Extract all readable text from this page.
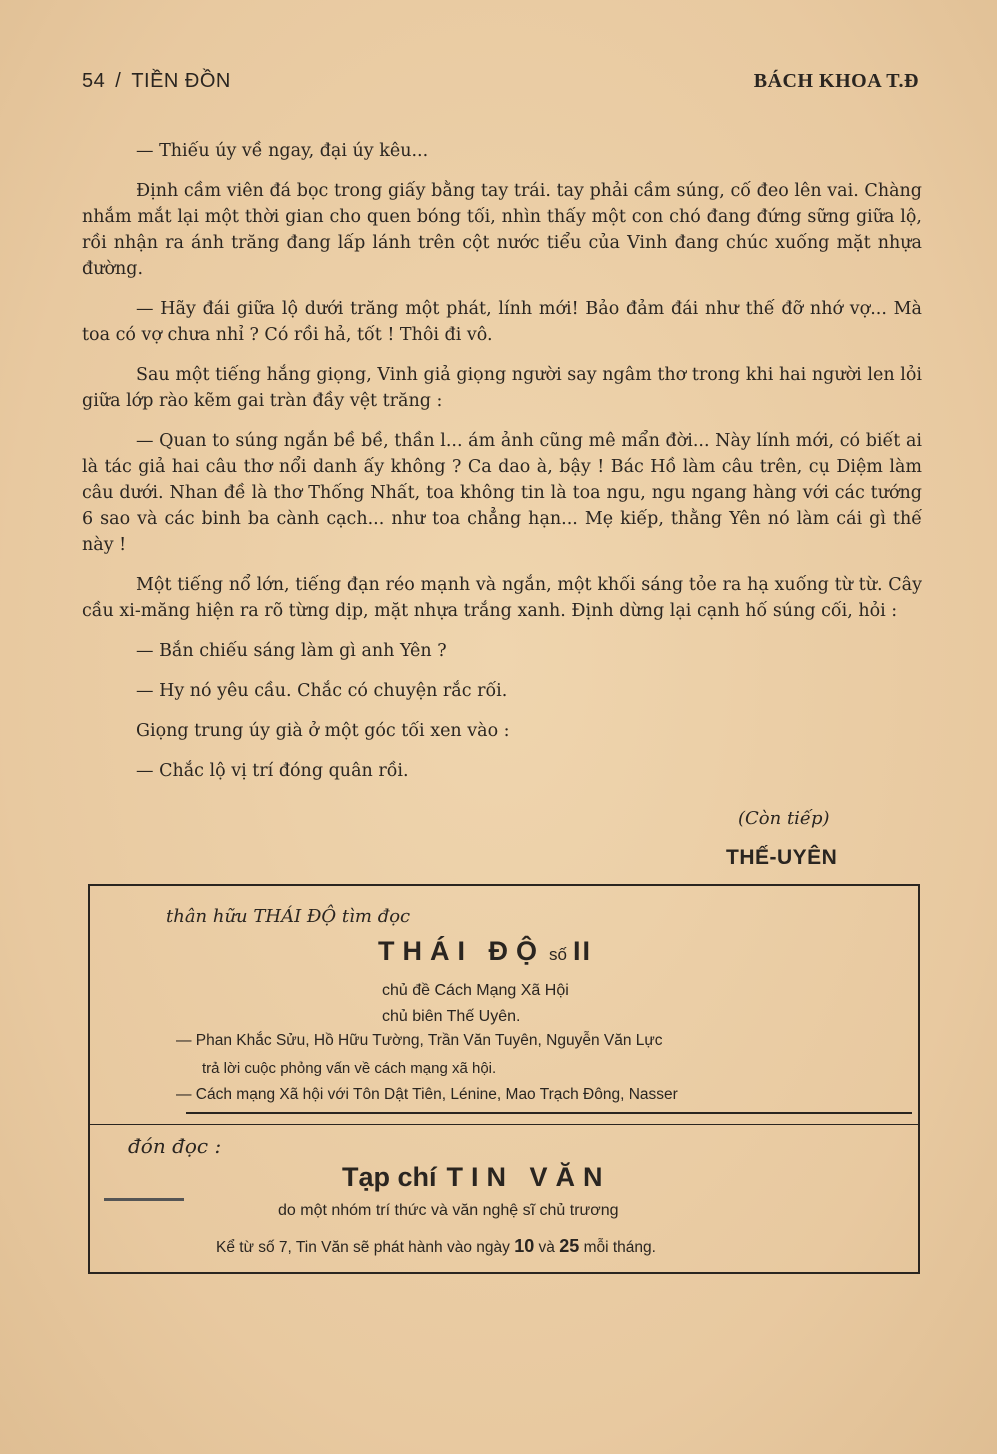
54 / TIỀN ĐỒN	BÁCH KHOA T.Đ
— Thiếu úy về ngay, đại úy kêu...

Định cầm viên đá bọc trong giấy bằng tay trái. tay phải cầm súng, cố đeo lên vai. Chàng nhắm mắt lại một thời gian cho quen bóng tối, nhìn thấy một con chó đang đứng sững giữa lộ, rồi nhận ra ánh trăng đang lấp lánh trên cột nước tiểu của Vinh đang chúc xuống mặt nhựa đường.

— Hãy đái giữa lộ dưới trăng một phát, lính mới! Bảo đảm đái như thế đỡ nhớ vợ... Mà toa có vợ chưa nhỉ ? Có rồi hả, tốt ! Thôi đi vô.

Sau một tiếng hắng giọng, Vinh giả giọng người say ngâm thơ trong khi hai người len lỏi giữa lớp rào kẽm gai tràn đầy vệt trăng :

— Quan to súng ngắn bề bề, thần l... ám ảnh cũng mê mẩn đời... Này lính mới, có biết ai là tác giả hai câu thơ nổi danh ấy không ? Ca dao à, bậy ! Bác Hồ làm câu trên, cụ Diệm làm câu dưới. Nhan đề là thơ Thống Nhất, toa không tin là toa ngu, ngu ngang hàng với các tướng 6 sao và các binh ba cành cạch... như toa chẳng hạn... Mẹ kiếp, thằng Yên nó làm cái gì thế này !

Một tiếng nổ lớn, tiếng đạn réo mạnh và ngắn, một khối sáng tỏe ra hạ xuống từ từ. Cây cầu xi-măng hiện ra rõ từng dịp, mặt nhựa trắng xanh. Định dừng lại cạnh hố súng cối, hỏi :

— Bắn chiếu sáng làm gì anh Yên ?
— Hy nó yêu cầu. Chắc có chuyện rắc rối.
Giọng trung úy già ở một góc tối xen vào :
— Chắc lộ vị trí đóng quân rồi.
(Còn tiếp)
THẾ-UYÊN
thân hữu THÁI ĐỘ tìm đọc
THÁI ĐỘ số II
chủ đề Cách Mạng Xã Hội
chủ biên Thế Uyên.
— Phan Khắc Sửu, Hồ Hữu Tường, Trần Văn Tuyên, Nguyễn Văn Lực
trả lời cuộc phỏng vấn về cách mạng xã hội.
— Cách mạng Xã hội với Tôn Dật Tiên, Lénine, Mao Trạch Đông, Nasser
đón đọc :
Tạp chí TIN VĂN
do một nhóm trí thức và văn nghệ sĩ chủ trương
Kể từ số 7, Tin Văn sẽ phát hành vào ngày 10 và 25 mỗi tháng.
